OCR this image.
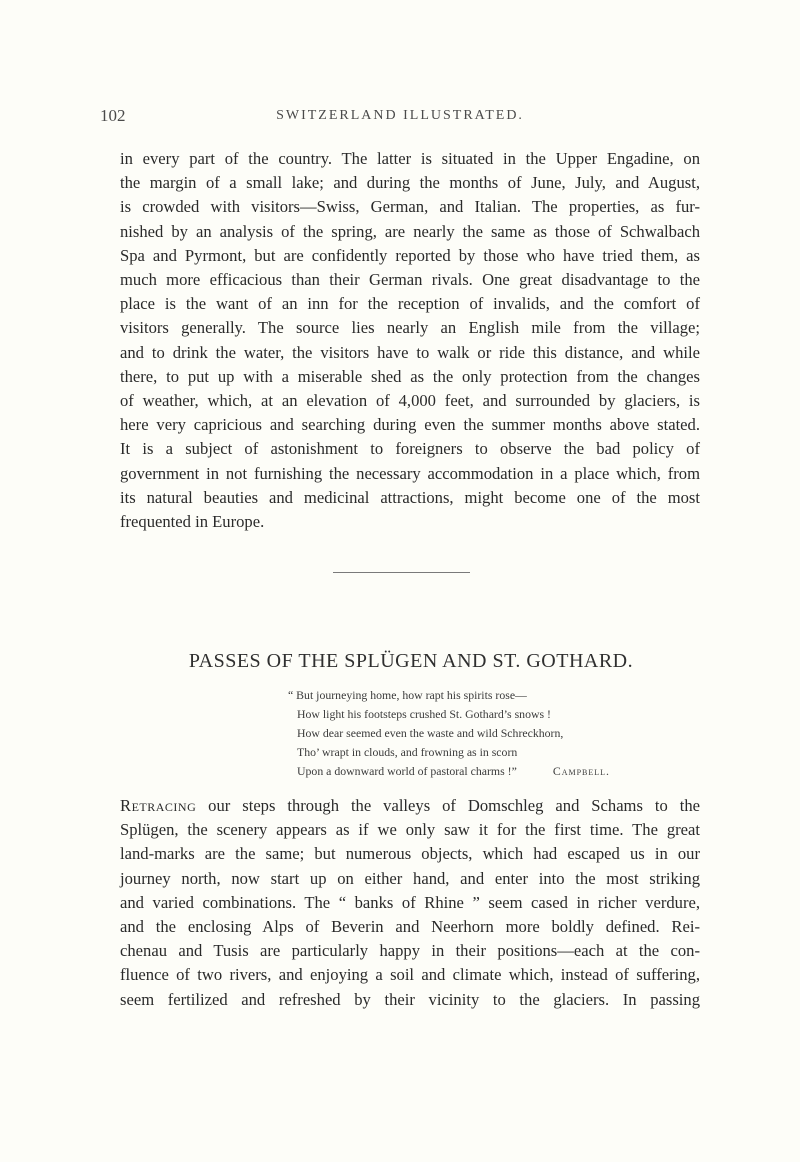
102	SWITZERLAND ILLUSTRATED.
in every part of the country. The latter is situated in the Upper Engadine, on
the margin of a small lake; and during the months of June, July, and August,
is crowded with visitors—Swiss, German, and Italian. The properties, as fur-
nished by an analysis of the spring, are nearly the same as those of Schwalbach
Spa and Pyrmont, but are confidently reported by those who have tried them, as
much more efficacious than their German rivals. One great disadvantage to the
place is the want of an inn for the reception of invalids, and the comfort of
visitors generally. The source lies nearly an English mile from the village;
and to drink the water, the visitors have to walk or ride this distance, and while
there, to put up with a miserable shed as the only protection from the changes
of weather, which, at an elevation of 4,000 feet, and surrounded by glaciers, is
here very capricious and searching during even the summer months above stated.
It is a subject of astonishment to foreigners to observe the bad policy of
government in not furnishing the necessary accommodation in a place which, from
its natural beauties and medicinal attractions, might become one of the most
frequented in Europe.
PASSES OF THE SPLÜGEN AND ST. GOTHARD.
“ But journeying home, how rapt his spirits rose—
How light his footsteps crushed St. Gothard’s snows !
How dear seemed even the waste and wild Schreckhorn,
Tho’ wrapt in clouds, and frowning as in scorn
Upon a downward world of pastoral charms !”	Campbell.
Retracing our steps through the valleys of Domschleg and Schams to the
Splügen, the scenery appears as if we only saw it for the first time. The great
land-marks are the same; but numerous objects, which had escaped us in our
journey north, now start up on either hand, and enter into the most striking
and varied combinations. The “ banks of Rhine ” seem cased in richer verdure,
and the enclosing Alps of Beverin and Neerhorn more boldly defined. Rei-
chenau and Tusis are particularly happy in their positions—each at the con-
fluence of two rivers, and enjoying a soil and climate which, instead of suffering,
seem fertilized and refreshed by their vicinity to the glaciers. In passing
